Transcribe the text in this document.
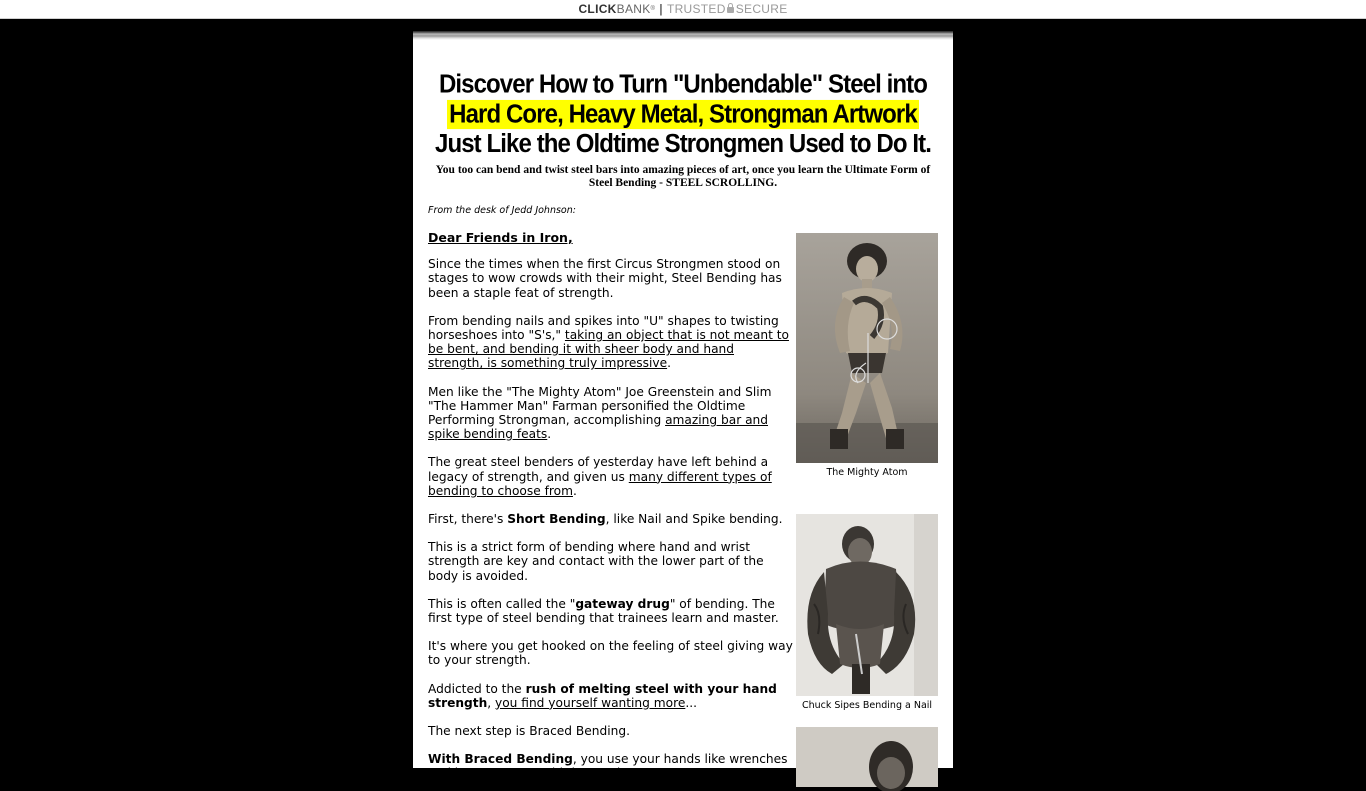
CLICK BANK ® | TRUSTED SECURE
Discover How to Turn "Unbendable" Steel into
Hard Core, Heavy Metal, Strongman Artwork
Just Like the Oldtime Strongmen Used to Do It.
You too can bend and twist steel bars into amazing pieces of art, once you learn the Ultimate Form of Steel Bending - STEEL SCROLLING.
From the desk of Jedd Johnson:

Dear Friends in Iron,

Since the times when the first Circus Strongmen stood on stages to wow crowds with their might, Steel Bending has been a staple feat of strength.

From bending nails and spikes into "U" shapes to twisting horseshoes into "S's," taking an object that is not meant to be bent, and bending it with sheer body and hand strength, is something truly impressive.

Men like the "The Mighty Atom" Joe Greenstein and Slim "The Hammer Man" Farman personified the Oldtime Performing Strongman, accomplishing amazing bar and spike bending feats.

The great steel benders of yesterday have left behind a legacy of strength, and given us many different types of bending to choose from.

First, there's Short Bending, like Nail and Spike bending.

This is a strict form of bending where hand and wrist strength are key and contact with the lower part of the body is avoided.

This is often called the "gateway drug" of bending. The first type of steel bending that trainees learn and master.

It's where you get hooked on the feeling of steel giving way to your strength.

Addicted to the rush of melting steel with your hand strength, you find yourself wanting more...

The next step is Braced Bending.

With Braced Bending, you use your hands like wrenches and hammers to mold the steel...

The Mighty Atom
Chuck Sipes Bending a Nail
